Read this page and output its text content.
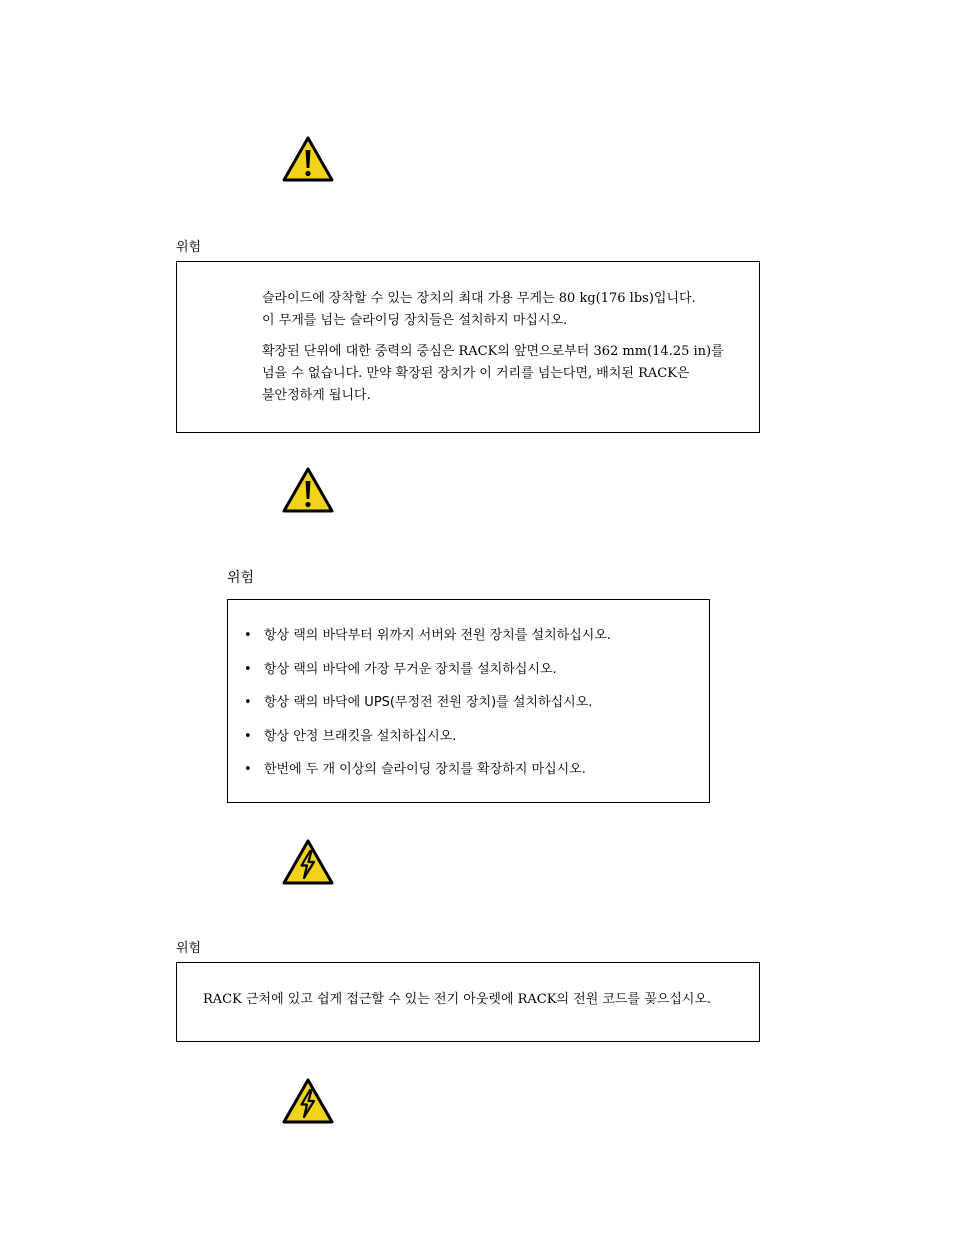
위험
슬라이드에 장착할 수 있는 장치의 최대 가용 무게는 80 kg(176 lbs)입니다.
이 무게를 넘는 슬라이딩 장치들은 설치하지 마십시오.
확장된 단위에 대한 중력의 중심은 RACK의 앞면으로부터 362 mm(14.25 in)를
넘을 수 없습니다. 만약 확장된 장치가 이 거리를 넘는다면, 배치된 RACK은
불안정하게 됩니다.
위험
• 항상 랙의 바닥부터 위까지 서버와 전원 장치를 설치하십시오.
• 항상 랙의 바닥에 가장 무거운 장치를 설치하십시오.
• 항상 랙의 바닥에 UPS(무정전 전원 장치)를 설치하십시오.
• 항상 안정 브래킷을 설치하십시오.
• 한번에 두 개 이상의 슬라이딩 장치를 확장하지 마십시오.
위험
RACK 근처에 있고 쉽게 접근할 수 있는 전기 아웃렛에 RACK의 전원 코드를 꽂으십시오.
